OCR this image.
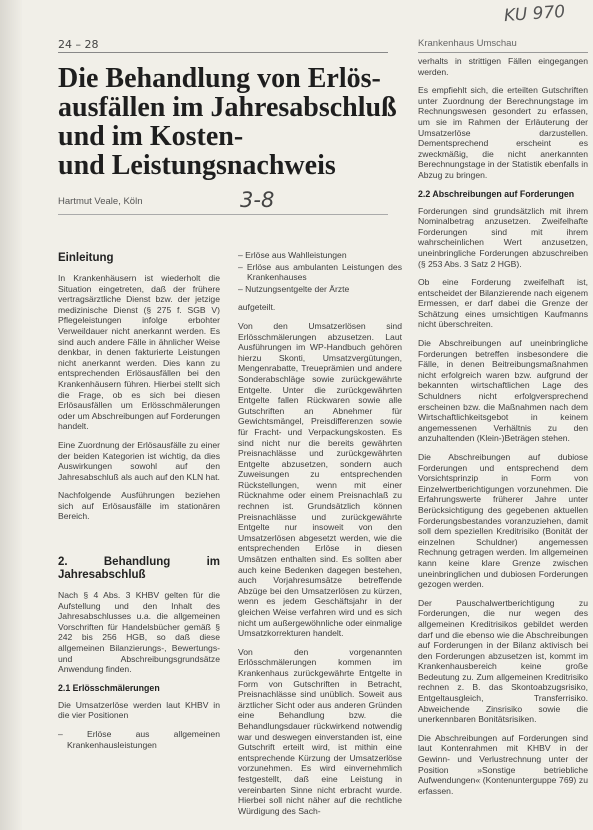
KU 970
24 – 28	Krankenhaus Umschau
Die Behandlung von Erlös-
ausfällen im Jahresabschluß
und im Kosten-
und Leistungsnachweis
Hartmut Veale, Köln	3-8
Einleitung

In Krankenhäusern ist wiederholt die Situation eingetreten, daß der frühere vertragsärztliche Dienst bzw. der jetzige medizinische Dienst (§ 275 f. SGB V) Pflegeleistungen infolge erbohter Verweildauer nicht anerkannt werden. Es sind auch andere Fälle in ähnlicher Weise denkbar, in denen fakturierte Leistungen nicht anerkannt werden. Dies kann zu entsprechenden Erlösausfällen bei den Krankenhäusern führen. Hierbei stellt sich die Frage, ob es sich bei diesen Erlösausfällen um Erlösschmälerungen oder um Abschreibungen auf Forderungen handelt.

Eine Zuordnung der Erlösausfälle zu einer der beiden Kategorien ist wichtig, da dies Auswirkungen sowohl auf den Jahresabschluß als auch auf den KLN hat.

Nachfolgende Ausführungen beziehen sich auf Erlösausfälle im stationären Bereich.

2. Behandlung im Jahresabschluß

Nach § 4 Abs. 3 KHBV gelten für die Aufstellung und den Inhalt des Jahresabschlusses u.a. die allgemeinen Vorschriften für Handelsbücher gemäß § 242 bis 256 HGB, so daß diese allgemeinen Bilanzierungs-, Bewertungs- und Abschreibungsgrundsätze Anwendung finden.

2.1 Erlösschmälerungen

Die Umsatzerlöse werden laut KHBV in die vier Positionen

– Erlöse aus allgemeinen Krankenhausleistungen
– Erlöse aus Wahlleistungen
– Erlöse aus ambulanten Leistungen des Krankenhauses
– Nutzungsentgelte der Ärzte

aufgeteilt.

Von den Umsatzerlösen sind Erlösschmälerungen abzusetzen. Laut Ausführungen im WP-Handbuch gehören hierzu Skonti, Umsatzvergütungen, Mengenrabatte, Treueprämien und andere Sonderabschläge sowie zurückgewährte Entgelte. Unter die zurückgewährten Entgelte fallen Rückwaren sowie alle Gutschriften an Abnehmer für Gewichtsmängel, Preisdifferenzen sowie für Fracht- und Verpackungskosten. Es sind nicht nur die bereits gewährten Preisnachlässe und zurückgewährten Entgelte abzusetzen, sondern auch Zuweisungen zu entsprechenden Rückstellungen, wenn mit einer Rücknahme oder einem Preisnachlaß zu rechnen ist. Grundsätzlich können Preisnachlässe und zurückgewährte Entgelte nur insoweit von den Umsatzerlösen abgesetzt werden, wie die entsprechenden Erlöse in diesen Umsätzen enthalten sind. Es sollten aber auch keine Bedenken dagegen bestehen, auch Vorjahresumsätze betreffende Abzüge bei den Umsatzerlösen zu kürzen, wenn es jedem Geschäftsjahr in der gleichen Weise verfahren wird und es sich nicht um außergewöhnliche oder einmalige Umsatzkorrekturen handelt.

Von den vorgenannten Erlösschmälerungen kommen im Krankenhaus zurückgewährte Entgelte in Form von Gutschriften in Betracht, Preisnachlässe sind unüblich. Soweit aus ärztlicher Sicht oder aus anderen Gründen eine Behandlung bzw. die Behandlungsdauer rückwirkend notwendig war und deswegen einverstanden ist, eine Gutschrift erteilt wird, ist mithin eine entsprechende Kürzung der Umsatzerlöse vorzunehmen. Es wird einvernehmlich festgestellt, daß eine Leistung in vereinbarten Sinne nicht erbracht wurde. Hierbei soll nicht näher auf die rechtliche Würdigung des Sach-

verhalts in strittigen Fällen eingegangen werden.

Es empfiehlt sich, die erteilten Gutschriften unter Zuordnung der Berechnungstage im Rechnungswesen gesondert zu erfassen, um sie im Rahmen der Erläuterung der Umsatzerlöse darzustellen. Dementsprechend erscheint es zweckmäßig, die nicht anerkannten Berechnungstage in der Statistik ebenfalls in Abzug zu bringen.

2.2 Abschreibungen auf Forderungen

Forderungen sind grundsätzlich mit ihrem Nominalbetrag anzusetzen. Zweifelhafte Forderungen sind mit ihrem wahrscheinlichen Wert anzusetzen, uneinbringliche Forderungen abzuschreiben (§ 253 Abs. 3 Satz 2 HGB).

Ob eine Forderung zweifelhaft ist, entscheidet der Bilanzierende nach eigenem Ermessen, er darf dabei die Grenze der Schätzung eines umsichtigen Kaufmanns nicht überschreiten.

Die Abschreibungen auf uneinbringliche Forderungen betreffen insbesondere die Fälle, in denen Beitreibungsmaßnahmen nicht erfolgreich waren bzw. aufgrund der bekannten wirtschaftlichen Lage des Schuldners nicht erfolgversprechend erscheinen bzw. die Maßnahmen nach dem Wirtschaftlichkeitsgebot in keinem angemessenen Verhältnis zu den anzuhaltenden (Klein-)Beträgen stehen.

Die Abschreibungen auf dubiose Forderungen und entsprechend dem Vorsichtsprinzip in Form von Einzelwertberichtigungen vorzunehmen. Die Erfahrungswerte früherer Jahre unter Berücksichtigung des gegebenen aktuellen Forderungsbestandes voranzuziehen, damit soll dem speziellen Kreditrisiko (Bonität der einzelnen Schuldner) angemessen Rechnung getragen werden. Im allgemeinen kann keine klare Grenze zwischen uneinbringlichen und dubiosen Forderungen gezogen werden.

Der Pauschalwertberichtigung zu Forderungen, die nur wegen des allgemeinen Kreditrisikos gebildet werden darf und die ebenso wie die Abschreibungen auf Forderungen in der Bilanz aktivisch bei den Forderungen abzusetzen ist, kommt im Krankenhausbereich keine große Bedeutung zu. Zum allgemeinen Kreditrisiko rechnen z. B. das Skontoabzugsrisiko, Entgeltausgleich, Transferrisiko. Abweichende Zinsrisiko sowie die unerkennbaren Bonitätsrisiken.

Die Abschreibungen auf Forderungen sind laut Kontenrahmen mit KHBV in der Gewinn- und Verlustrechnung unter der Position »Sonstige betriebliche Aufwendungen« (Kontenunterguppe 769) zu erfassen.
